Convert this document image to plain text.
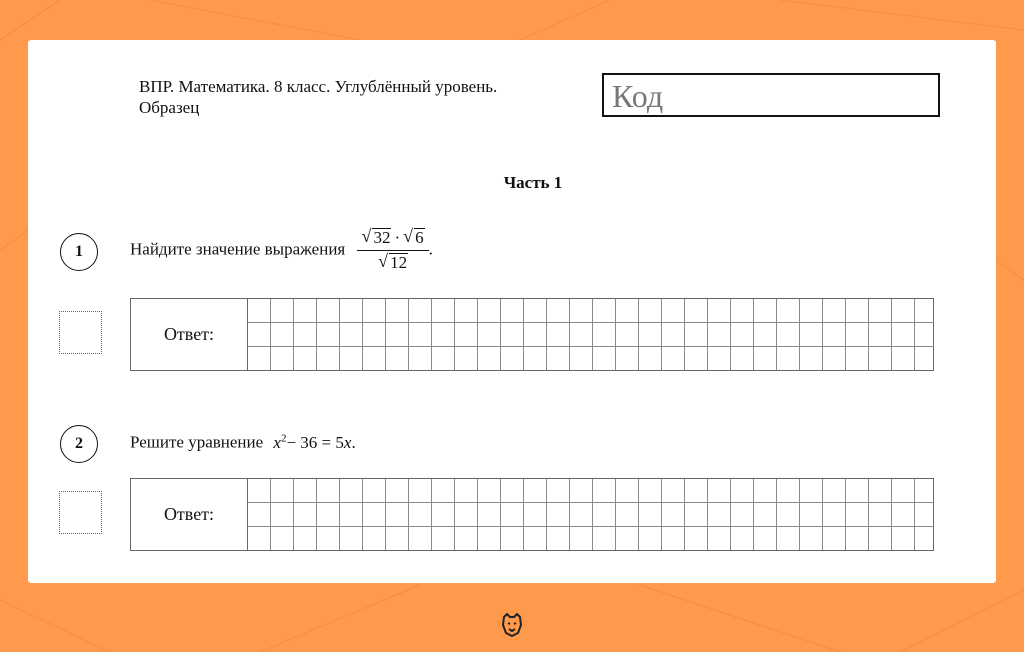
ВПР. Математика. 8 класс. Углублённый уровень.
Образец	Код
Часть 1
1	Найдите значение выражения √ 32 · √ 6
√ 12 .
Ответ:
2	Решите уравнение $x^2- 36 = 5x$.
Ответ:
